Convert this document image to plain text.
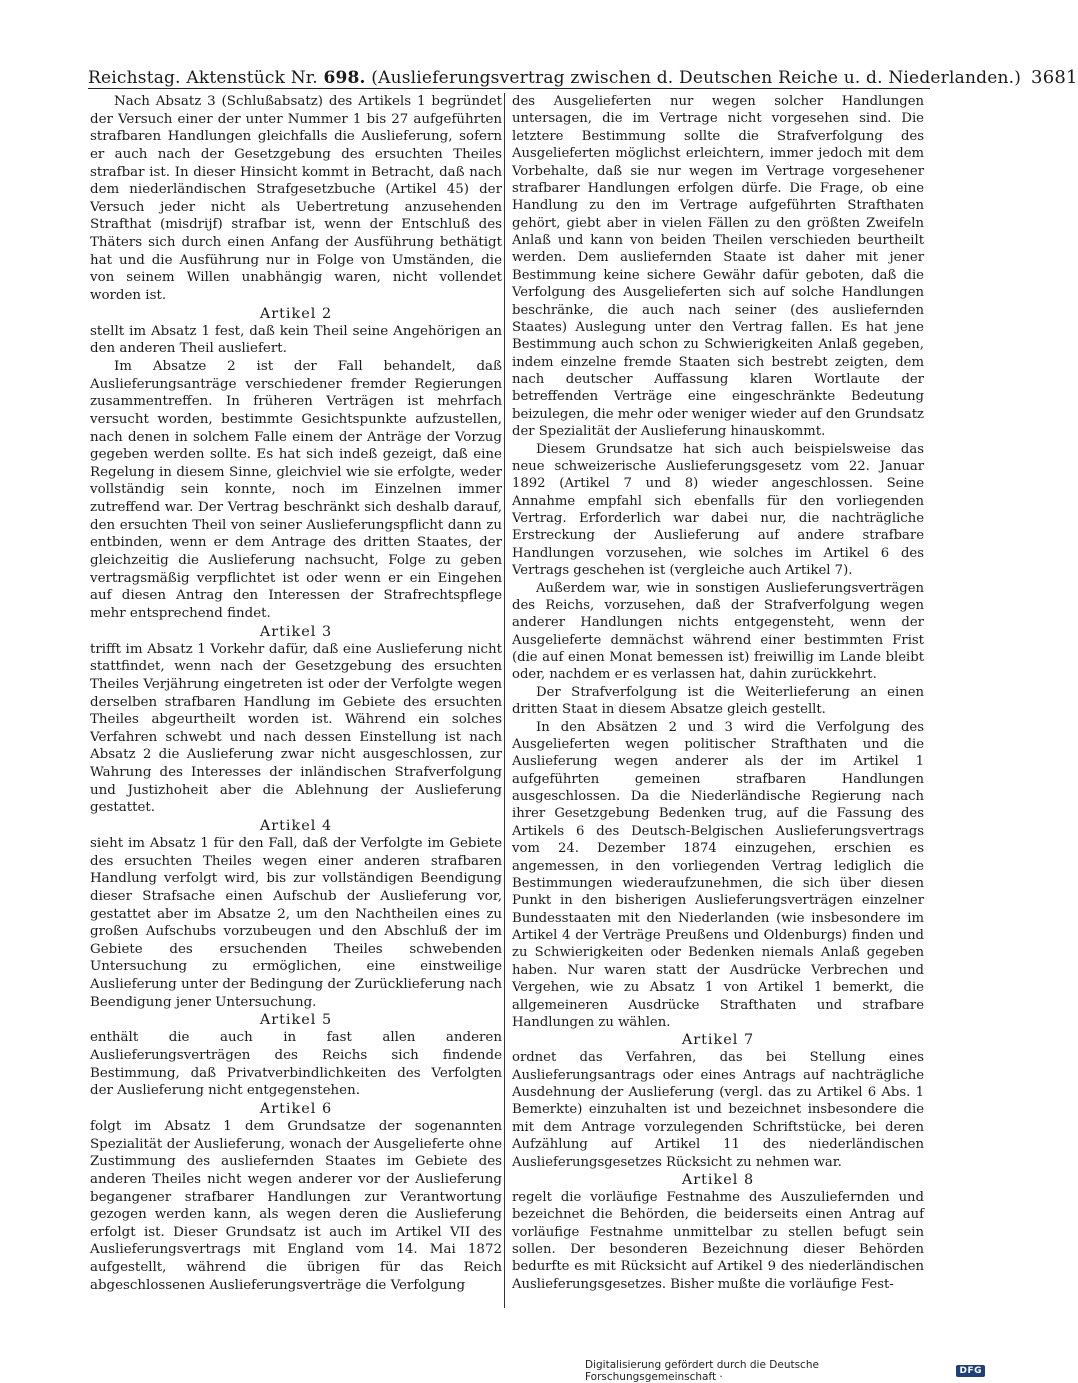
Reichstag. Aktenstück Nr. 698. (Auslieferungsvertrag zwischen d. Deutschen Reiche u. d. Niederlanden.) 3681

Nach Absatz 3 (Schlußabsatz) des Artikels 1 begründet der Versuch einer der unter Nummer 1 bis 27 aufgeführten strafbaren Handlungen gleichfalls die Auslieferung, sofern er auch nach der Gesetzgebung des ersuchten Theiles strafbar ist. In dieser Hinsicht kommt in Betracht, daß nach dem niederländischen Strafgesetzbuche (Artikel 45) der Versuch jeder nicht als Uebertretung anzusehenden Strafthat (misdrijf) strafbar ist, wenn der Entschluß des Thäters sich durch einen Anfang der Ausführung bethätigt hat und die Ausführung nur in Folge von Umständen, die von seinem Willen unabhängig waren, nicht vollendet worden ist.

Artikel 2

stellt im Absatz 1 fest, daß kein Theil seine Angehörigen an den anderen Theil ausliefert.

Im Absatze 2 ist der Fall behandelt, daß Auslieferungsanträge verschiedener fremder Regierungen zusammentreffen. In früheren Verträgen ist mehrfach versucht worden, bestimmte Gesichtspunkte aufzustellen, nach denen in solchem Falle einem der Anträge der Vorzug gegeben werden sollte. Es hat sich indeß gezeigt, daß eine Regelung in diesem Sinne, gleichviel wie sie erfolgte, weder vollständig sein konnte, noch im Einzelnen immer zutreffend war. Der Vertrag beschränkt sich deshalb darauf, den ersuchten Theil von seiner Auslieferungspflicht dann zu entbinden, wenn er dem Antrage des dritten Staates, der gleichzeitig die Auslieferung nachsucht, Folge zu geben vertragsmäßig verpflichtet ist oder wenn er ein Eingehen auf diesen Antrag den Interessen der Strafrechtspflege mehr entsprechend findet.

Artikel 3

trifft im Absatz 1 Vorkehr dafür, daß eine Auslieferung nicht stattfindet, wenn nach der Gesetzgebung des ersuchten Theiles Verjährung eingetreten ist oder der Verfolgte wegen derselben strafbaren Handlung im Gebiete des ersuchten Theiles abgeurtheilt worden ist. Während ein solches Verfahren schwebt und nach dessen Einstellung ist nach Absatz 2 die Auslieferung zwar nicht ausgeschlossen, zur Wahrung des Interesses der inländischen Strafverfolgung und Justizhoheit aber die Ablehnung der Auslieferung gestattet.

Artikel 4

sieht im Absatz 1 für den Fall, daß der Verfolgte im Gebiete des ersuchten Theiles wegen einer anderen strafbaren Handlung verfolgt wird, bis zur vollständigen Beendigung dieser Strafsache einen Aufschub der Auslieferung vor, gestattet aber im Absatze 2, um den Nachtheilen eines zu großen Aufschubs vorzubeugen und den Abschluß der im Gebiete des ersuchenden Theiles schwebenden Untersuchung zu ermöglichen, eine einstweilige Auslieferung unter der Bedingung der Zurücklieferung nach Beendigung jener Untersuchung.

Artikel 5

enthält die auch in fast allen anderen Auslieferungsverträgen des Reichs sich findende Bestimmung, daß Privatverbindlichkeiten des Verfolgten der Auslieferung nicht entgegenstehen.

Artikel 6

folgt im Absatz 1 dem Grundsatze der sogenannten Spezialität der Auslieferung, wonach der Ausgelieferte ohne Zustimmung des ausliefernden Staates im Gebiete des anderen Theiles nicht wegen anderer vor der Auslieferung begangener strafbarer Handlungen zur Verantwortung gezogen werden kann, als wegen deren die Auslieferung erfolgt ist. Dieser Grundsatz ist auch im Artikel VII des Auslieferungsvertrags mit England vom 14. Mai 1872 aufgestellt, während die übrigen für das Reich abgeschlossenen Auslieferungsverträge die Verfolgung

des Ausgelieferten nur wegen solcher Handlungen untersagen, die im Vertrage nicht vorgesehen sind. Die letztere Bestimmung sollte die Strafverfolgung des Ausgelieferten möglichst erleichtern, immer jedoch mit dem Vorbehalte, daß sie nur wegen im Vertrage vorgesehener strafbarer Handlungen erfolgen dürfe. Die Frage, ob eine Handlung zu den im Vertrage aufgeführten Strafthaten gehört, giebt aber in vielen Fällen zu den größten Zweifeln Anlaß und kann von beiden Theilen verschieden beurtheilt werden. Dem ausliefernden Staate ist daher mit jener Bestimmung keine sichere Gewähr dafür geboten, daß die Verfolgung des Ausgelieferten sich auf solche Handlungen beschränke, die auch nach seiner (des ausliefernden Staates) Auslegung unter den Vertrag fallen. Es hat jene Bestimmung auch schon zu Schwierigkeiten Anlaß gegeben, indem einzelne fremde Staaten sich bestrebt zeigten, dem nach deutscher Auffassung klaren Wortlaute der betreffenden Verträge eine eingeschränkte Bedeutung beizulegen, die mehr oder weniger wieder auf den Grundsatz der Spezialität der Auslieferung hinauskommt.

Diesem Grundsatze hat sich auch beispielsweise das neue schweizerische Auslieferungsgesetz vom 22. Januar 1892 (Artikel 7 und 8) wieder angeschlossen. Seine Annahme empfahl sich ebenfalls für den vorliegenden Vertrag. Erforderlich war dabei nur, die nachträgliche Erstreckung der Auslieferung auf andere strafbare Handlungen vorzusehen, wie solches im Artikel 6 des Vertrags geschehen ist (vergleiche auch Artikel 7).

Außerdem war, wie in sonstigen Auslieferungsverträgen des Reichs, vorzusehen, daß der Strafverfolgung wegen anderer Handlungen nichts entgegensteht, wenn der Ausgelieferte demnächst während einer bestimmten Frist (die auf einen Monat bemessen ist) freiwillig im Lande bleibt oder, nachdem er es verlassen hat, dahin zurückkehrt.

Der Strafverfolgung ist die Weiterlieferung an einen dritten Staat in diesem Absatze gleich gestellt.

In den Absätzen 2 und 3 wird die Verfolgung des Ausgelieferten wegen politischer Strafthaten und die Auslieferung wegen anderer als der im Artikel 1 aufgeführten gemeinen strafbaren Handlungen ausgeschlossen. Da die Niederländische Regierung nach ihrer Gesetzgebung Bedenken trug, auf die Fassung des Artikels 6 des Deutsch-Belgischen Auslieferungsvertrags vom 24. Dezember 1874 einzugehen, erschien es angemessen, in den vorliegenden Vertrag lediglich die Bestimmungen wiederaufzunehmen, die sich über diesen Punkt in den bisherigen Auslieferungsverträgen einzelner Bundesstaaten mit den Niederlanden (wie insbesondere im Artikel 4 der Verträge Preußens und Oldenburgs) finden und zu Schwierigkeiten oder Bedenken niemals Anlaß gegeben haben. Nur waren statt der Ausdrücke Verbrechen und Vergehen, wie zu Absatz 1 von Artikel 1 bemerkt, die allgemeineren Ausdrücke Strafthaten und strafbare Handlungen zu wählen.

Artikel 7

ordnet das Verfahren, das bei Stellung eines Auslieferungsantrags oder eines Antrags auf nachträgliche Ausdehnung der Auslieferung (vergl. das zu Artikel 6 Abs. 1 Bemerkte) einzuhalten ist und bezeichnet insbesondere die mit dem Antrage vorzulegenden Schriftstücke, bei deren Aufzählung auf Artikel 11 des niederländischen Auslieferungsgesetzes Rücksicht zu nehmen war.

Artikel 8

regelt die vorläufige Festnahme des Auszuliefernden und bezeichnet die Behörden, die beiderseits einen Antrag auf vorläufige Festnahme unmittelbar zu stellen befugt sein sollen. Der besonderen Bezeichnung dieser Behörden bedurfte es mit Rücksicht auf Artikel 9 des niederländischen Auslieferungsgesetzes. Bisher mußte die vorläufige Fest-

Digitalisierung gefördert durch die Deutsche Forschungsgemeinschaft ·	DFG
